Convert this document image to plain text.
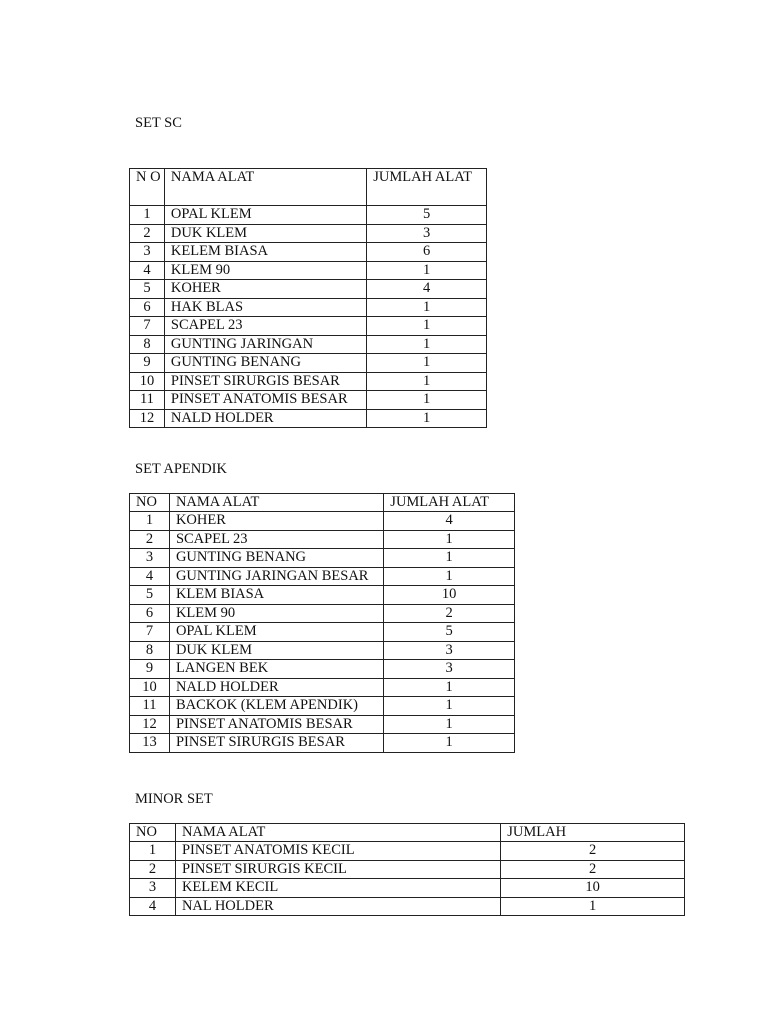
SET SC
N O	NAMA ALAT	JUMLAH ALAT
1	OPAL KLEM	5
2	DUK KLEM	3
3	KELEM BIASA	6
4	KLEM 90	1
5	KOHER	4
6	HAK BLAS	1
7	SCAPEL 23	1
8	GUNTING JARINGAN	1
9	GUNTING BENANG	1
10	PINSET SIRURGIS BESAR	1
11	PINSET ANATOMIS BESAR	1
12	NALD HOLDER	1
SET APENDIK
NO	NAMA ALAT	JUMLAH ALAT
1	KOHER	4
2	SCAPEL 23	1
3	GUNTING BENANG	1
4	GUNTING JARINGAN BESAR	1
5	KLEM BIASA	10
6	KLEM 90	2
7	OPAL KLEM	5
8	DUK KLEM	3
9	LANGEN BEK	3
10	NALD HOLDER	1
11	BACKOK (KLEM APENDIK)	1
12	PINSET ANATOMIS BESAR	1
13	PINSET SIRURGIS BESAR	1
MINOR SET
NO	NAMA ALAT	JUMLAH
1	PINSET ANATOMIS KECIL	2
2	PINSET SIRURGIS KECIL	2
3	KELEM KECIL	10
4	NAL HOLDER	1
